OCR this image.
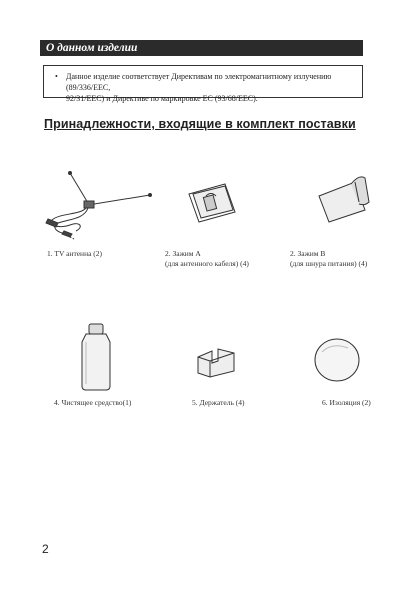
О данном изделии
• Данное изделие соответствует Директивам по электромагнитному излучению (89/336/EEC,
92/31/EEC) и Директиве по маркировке ЕС (93/68/EEC).
Принадлежности, входящие в комплект поставки
1. TV антенна (2)	2. Зажим А
(для антенного кабеля) (4)
2. Зажим В
(для шнура питания) (4)
4. Чистящее средство(1)	5. Держатель (4)	6. Изоляция (2)
2
